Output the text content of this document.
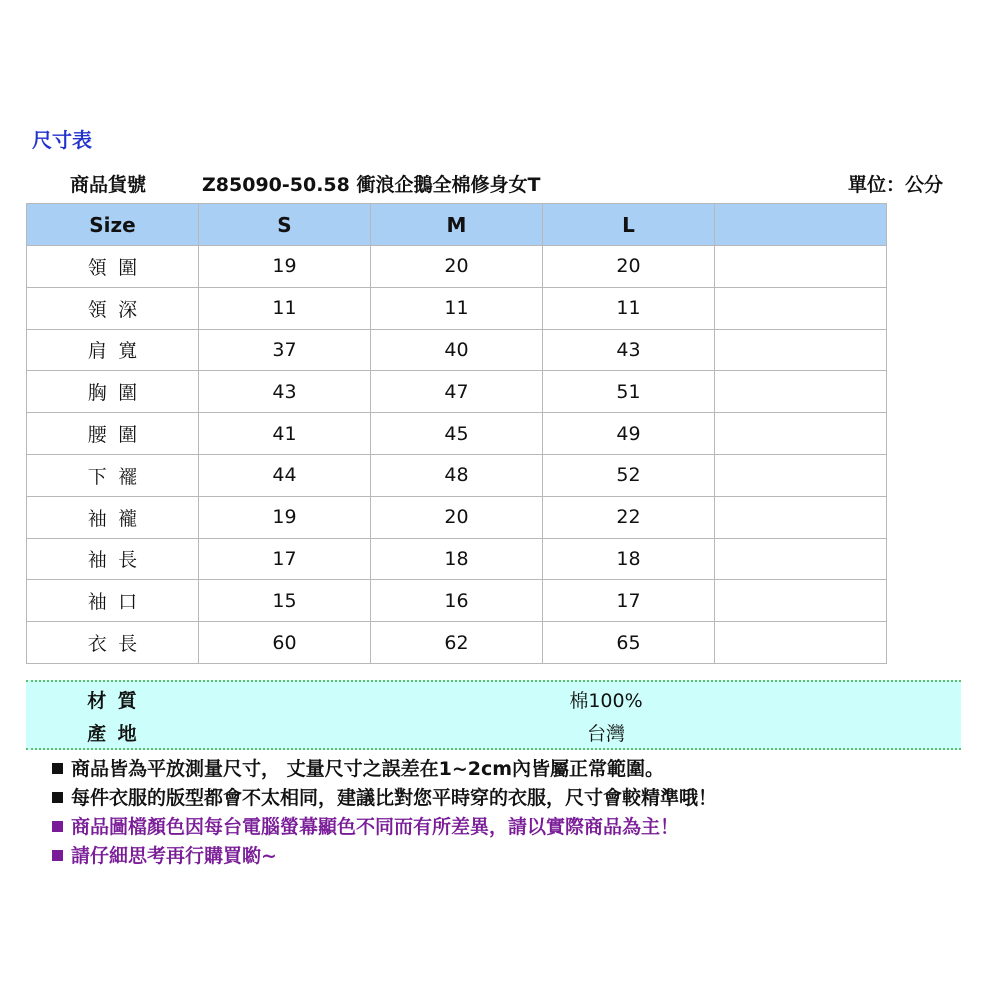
尺寸表
商品貨號	Z85090-50.58 衝浪企鵝全棉修身女T	單位：公分
Size	S	M	L	
領圍	19	20	20	
領深	11	11	11	
肩寬	37	40	43	
胸圍	43	47	51	
腰圍	41	45	49	
下襬	44	48	52	
袖襱	19	20	22	
袖長	17	18	18	
袖口	15	16	17	
衣長	60	62	65	
材質	棉100%
產地	台灣
商品皆為平放測量尺寸， 丈量尺寸之誤差在1~2cm內皆屬正常範圍。
每件衣服的版型都會不太相同，建議比對您平時穿的衣服，尺寸會較精準哦！
商品圖檔顏色因每台電腦螢幕顯色不同而有所差異，請以實際商品為主！
請仔細思考再行購買喲~
